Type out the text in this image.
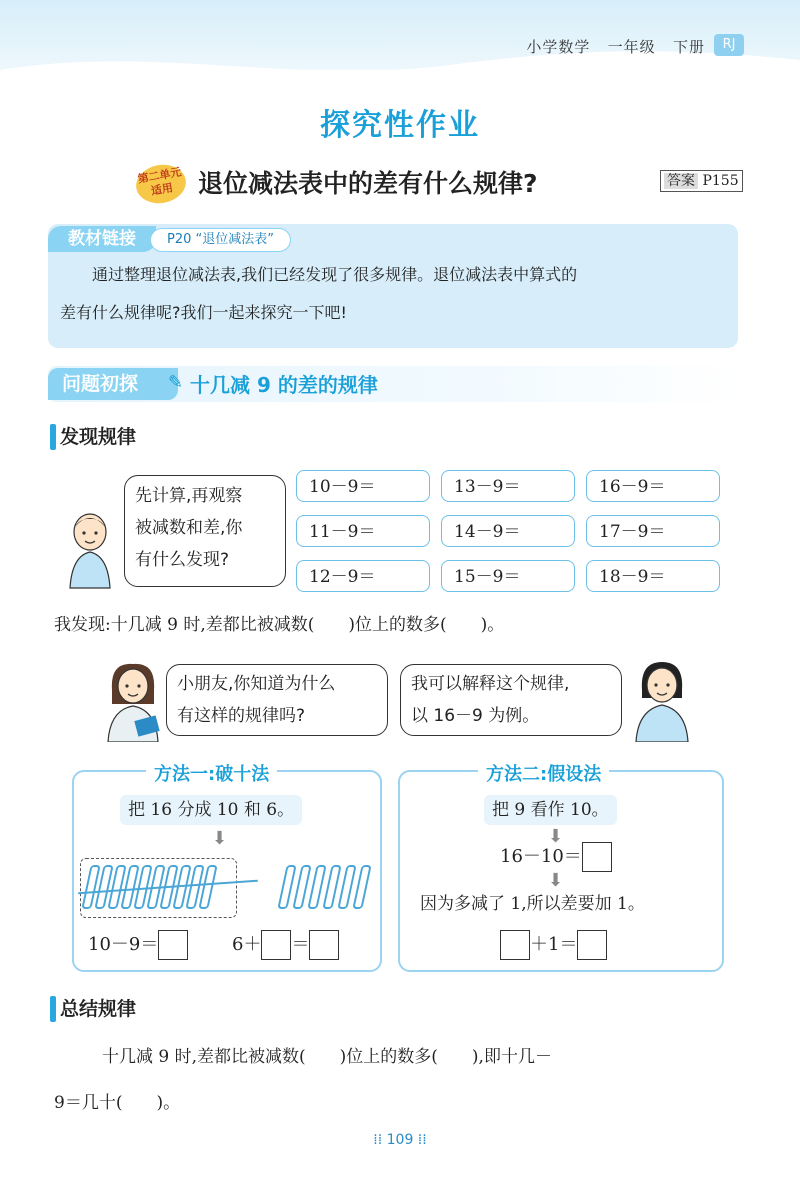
小学数学 一年级 下册	RJ
探究性作业
第二单元 适用 退位减法表中的差有什么规律?	答案 P155
教材链接	P20 “退位减法表”
通过整理退位减法表,我们已经发现了很多规律。退位减法表中算式的
差有什么规律呢?我们一起来探究一下吧!
问题初探	✎ 十几减 9 的差的规律
发现规律
先计算,再观察
被减数和差,你
有什么发现?
10－9＝	13－9＝	16－9＝
11－9＝	14－9＝	17－9＝
12－9＝	15－9＝	18－9＝
我发现:十几减 9 时,差都比被减数(　　)位上的数多(　　)。
小朋友,你知道为什么
有这样的规律吗?
我可以解释这个规律,
以 16－9 为例。
方法一:破十法
把 16 分成 10 和 6。
⬇
10－9＝	6＋ ＝
方法二:假设法
把 9 看作 10。
⬇
16－10＝
⬇
因为多减了 1,所以差要加 1。
＋1＝
总结规律
十几减 9 时,差都比被减数(　　)位上的数多(　　),即十几－
9＝几十(　　)。
⁞⁞ 109 ⁞⁞
